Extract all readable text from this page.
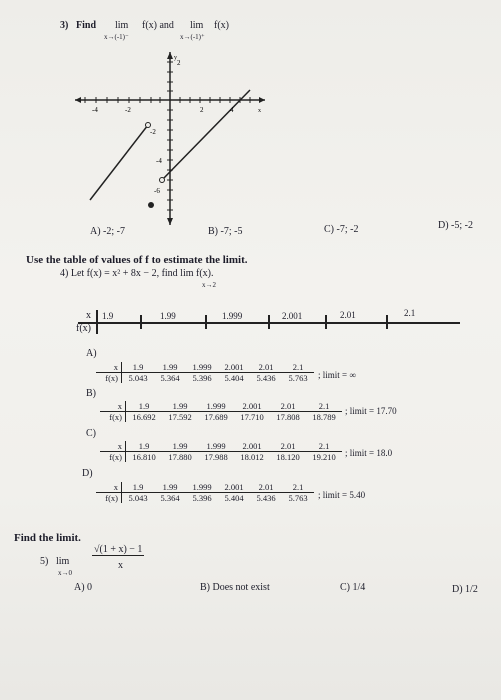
3) Find lim f(x) and
x→(-1)⁻
lim f(x)
x→(-1)⁺
2
y
-2
-4
-6
-4	-2	2	4	x
A) -2; -7	B) -7; -5	C) -7; -2	D) -5; -2
Use the table of values of f to estimate the limit.
4) Let f(x) = x² + 8x − 2, find lim f(x).
x→2
x
f(x)
1.9	1.99	1.999	2.001	2.01	2.1
A)
x	1.9	1.99	1.999	2.001	2.01	2.1
f(x)	5.043	5.364	5.396	5.404	5.436	5.763	; limit = ∞
B)
x	1.9	1.99	1.999	2.001	2.01	2.1
f(x)	16.692	17.592	17.689	17.710	17.808	18.789
; limit = 17.70
C)
x	1.9	1.99	1.999	2.001	2.01	2.1
f(x)	16.810	17.880	17.988	18.012	18.120	19.210	; limit = 18.0
D)
x	1.9	1.99	1.999	2.001	2.01	2.1
f(x)	5.043	5.364	5.396	5.404	5.436	5.763	; limit = 5.40
Find the limit.
5) lim
x→0
√(1 + x) − 1
x
A) 0	B) Does not exist	C) 1/4	D) 1/2
